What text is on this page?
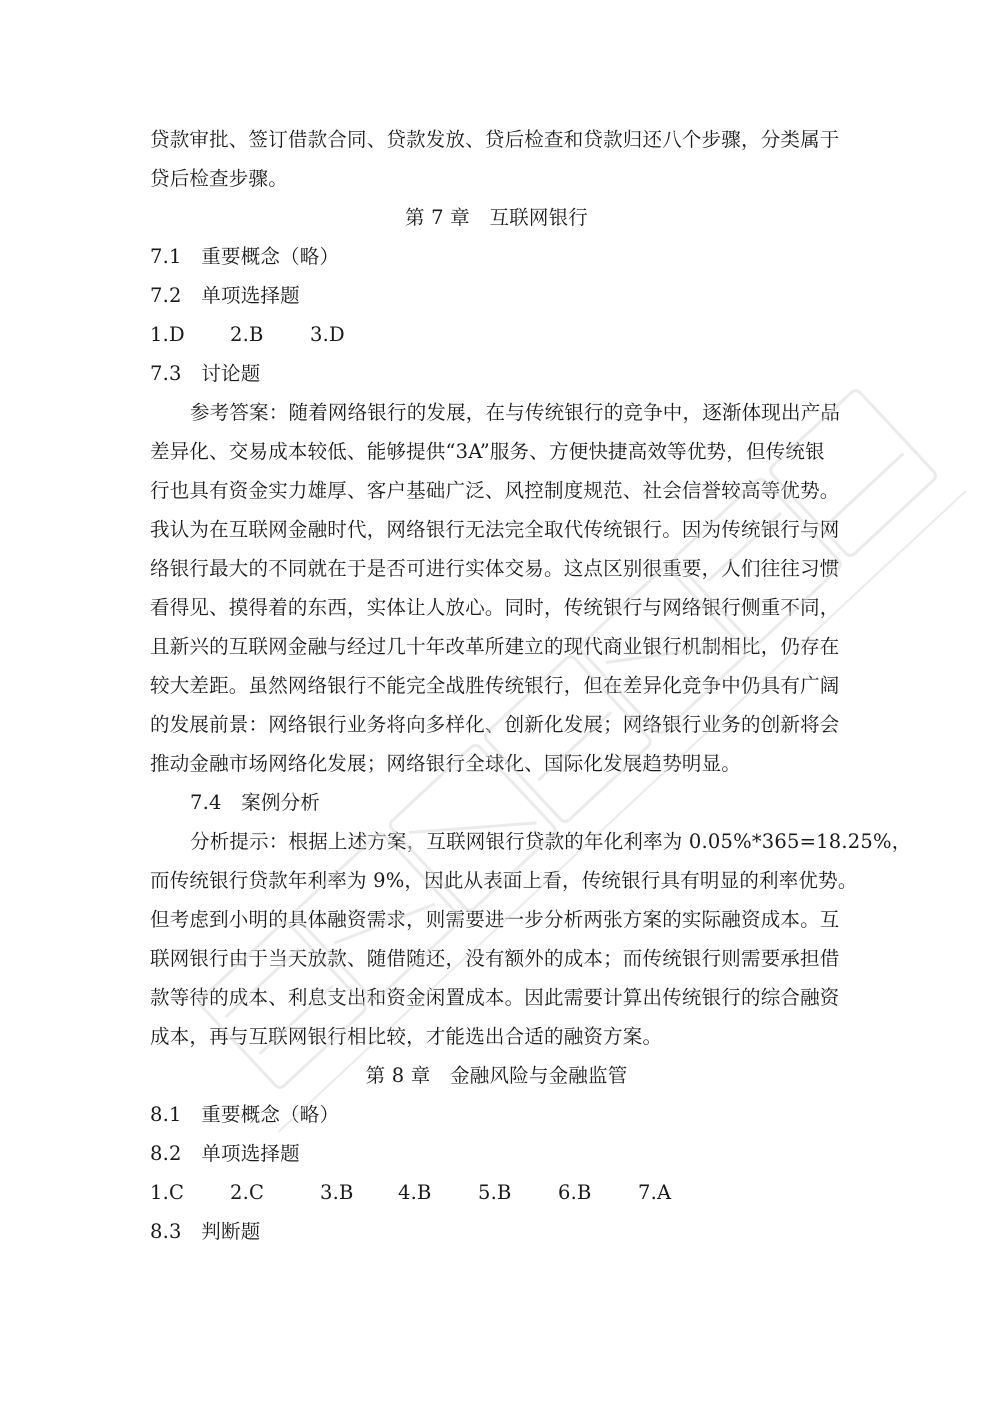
贷款审批、签订借款合同、贷款发放、贷后检查和贷款归还八个步骤，分类属于
贷后检查步骤。
第 7 章　互联网银行
7.1　重要概念（略）
7.2　单项选择题
1.D 2.B 3.D
7.3　讨论题
参考答案：随着网络银行的发展，在与传统银行的竞争中，逐渐体现出产品
差异化、交易成本较低、能够提供“3A”服务、方便快捷高效等优势，但传统银
行也具有资金实力雄厚、客户基础广泛、风控制度规范、社会信誉较高等优势。
我认为在互联网金融时代，网络银行无法完全取代传统银行。因为传统银行与网
络银行最大的不同就在于是否可进行实体交易。这点区别很重要，人们往往习惯
看得见、摸得着的东西，实体让人放心。同时，传统银行与网络银行侧重不同，
且新兴的互联网金融与经过几十年改革所建立的现代商业银行机制相比，仍存在
较大差距。虽然网络银行不能完全战胜传统银行，但在差异化竞争中仍具有广阔
的发展前景：网络银行业务将向多样化、创新化发展；网络银行业务的创新将会
推动金融市场网络化发展；网络银行全球化、国际化发展趋势明显。
7.4　案例分析
分析提示：根据上述方案，互联网银行贷款的年化利率为 0.05%*365=18.25%，
而传统银行贷款年利率为 9%，因此从表面上看，传统银行具有明显的利率优势。
但考虑到小明的具体融资需求，则需要进一步分析两张方案的实际融资成本。互
联网银行由于当天放款、随借随还，没有额外的成本；而传统银行则需要承担借
款等待的成本、利息支出和资金闲置成本。因此需要计算出传统银行的综合融资
成本，再与互联网银行相比较，才能选出合适的融资方案。
第 8 章　金融风险与金融监管
8.1　重要概念（略）
8.2　单项选择题
1.C 2.C	3.B 4.B 5.B 6.B 7.A
8.3　判断题
